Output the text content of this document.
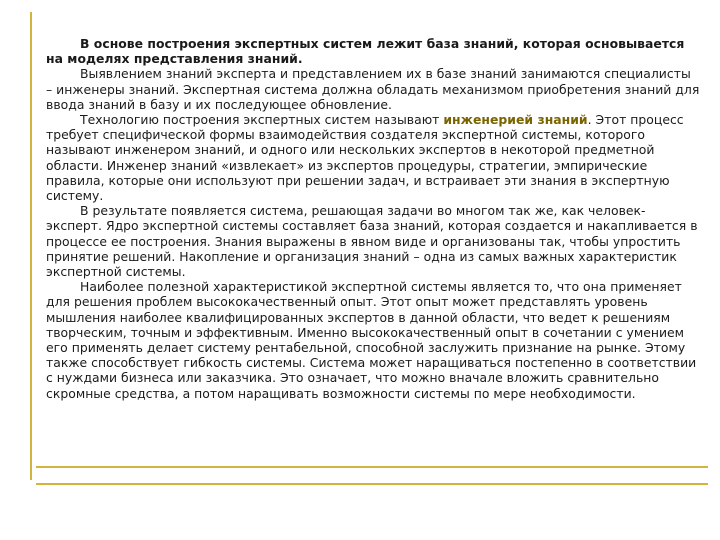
В основе построения экспертных систем лежит база знаний, которая основывается на моделях представления знаний.

Выявлением знаний эксперта и представлением их в базе знаний занимаются специалисты – инженеры знаний. Экспертная система должна обладать механизмом приобретения знаний для ввода знаний в базу и их последующее обновление.

Технологию построения экспертных систем называют инженерией знаний. Этот процесс требует специфической формы взаимодействия создателя экспертной системы, которого называют инженером знаний, и одного или нескольких экспертов в некоторой предметной области. Инженер знаний «извлекает» из экспертов процедуры, стратегии, эмпирические правила, которые они используют при решении задач, и встраивает эти знания в экспертную систему.

В результате появляется система, решающая задачи во многом так же, как человек-эксперт. Ядро экспертной системы составляет база знаний, которая создается и накапливается в процессе ее построения. Знания выражены в явном виде и организованы так, чтобы упростить принятие решений. Накопление и организация знаний – одна из самых важных характеристик экспертной системы.

Наиболее полезной характеристикой экспертной системы является то, что она применяет для решения проблем высококачественный опыт. Этот опыт может представлять уровень мышления наиболее квалифицированных экспертов в данной области, что ведет к решениям творческим, точным и эффективным. Именно высококачественный опыт в сочетании с умением его применять делает систему рентабельной, способной заслужить признание на рынке. Этому также способствует гибкость системы. Система может наращиваться постепенно в соответствии с нуждами бизнеса или заказчика. Это означает, что можно вначале вложить сравнительно скромные средства, а потом наращивать возможности системы по мере необходимости.
